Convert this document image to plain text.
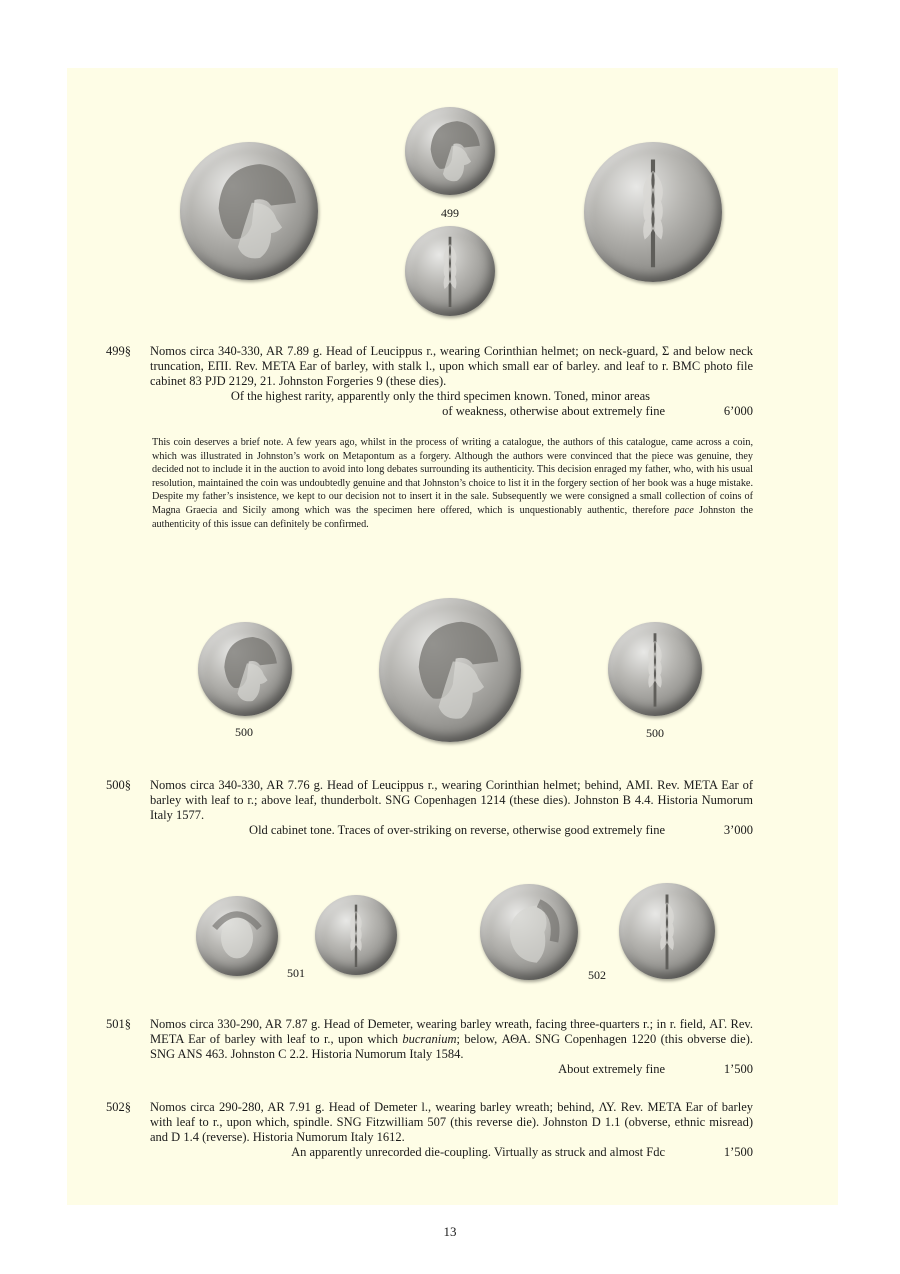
499
499§	Nomos circa 340-330, AR 7.89 g. Head of Leucippus r., wearing Corinthian helmet; on neck-guard, Σ and below neck truncation, ΕΠΙ. Rev. ΜΕΤΑ Ear of barley, with stalk l., upon which small ear of barley. and leaf to r. BMC photo file cabinet 83 PJD 2129, 21. Johnston Forgeries 9 (these dies).
Of the highest rarity, apparently only the third specimen known. Toned, minor areas
of weakness, otherwise about extremely fine	6’000
This coin deserves a brief note. A few years ago, whilst in the process of writing a catalogue, the authors of this catalogue, came across a coin, which was illustrated in Johnston’s work on Metapontum as a forgery. Although the authors were convinced that the piece was genuine, they decided not to include it in the auction to avoid into long debates surrounding its authenticity. This decision enraged my father, who, with his usual resolution, maintained the coin was undoubtedly genuine and that Johnston’s choice to list it in the forgery section of her book was a huge mistake. Despite my father’s insistence, we kept to our decision not to insert it in the sale. Subsequently we were consigned a small collection of coins of Magna Graecia and Sicily among which was the specimen here offered, which is unquestionably authentic, therefore pace Johnston the authenticity of this issue can definitely be confirmed.
500	500
500§	Nomos circa 340-330, AR 7.76 g. Head of Leucippus r., wearing Corinthian helmet; behind, ΑΜΙ. Rev. ΜΕΤΑ Ear of barley with leaf to r.; above leaf, thunderbolt. SNG Copenhagen 1214 (these dies). Johnston B 4.4. Historia Numorum Italy 1577.
Old cabinet tone. Traces of over-striking on reverse, otherwise good extremely fine	3’000
501	502
501§	Nomos circa 330-290, AR 7.87 g. Head of Demeter, wearing barley wreath, facing three-quarters r.; in r. field, ΑΓ. Rev. ΜΕΤΑ Ear of barley with leaf to r., upon which bucranium; below, ΑΘΑ. SNG Copenhagen 1220 (this obverse die). SNG ANS 463. Johnston C 2.2. Historia Numorum Italy 1584.
About extremely fine	1’500
502§	Nomos circa 290-280, AR 7.91 g. Head of Demeter l., wearing barley wreath; behind, ΛΥ. Rev. ΜΕΤΑ Ear of barley with leaf to r., upon which, spindle. SNG Fitzwilliam 507 (this reverse die). Johnston D 1.1 (obverse, ethnic misread) and D 1.4 (reverse). Historia Numorum Italy 1612.
An apparently unrecorded die-coupling. Virtually as struck and almost Fdc	1’500
13
